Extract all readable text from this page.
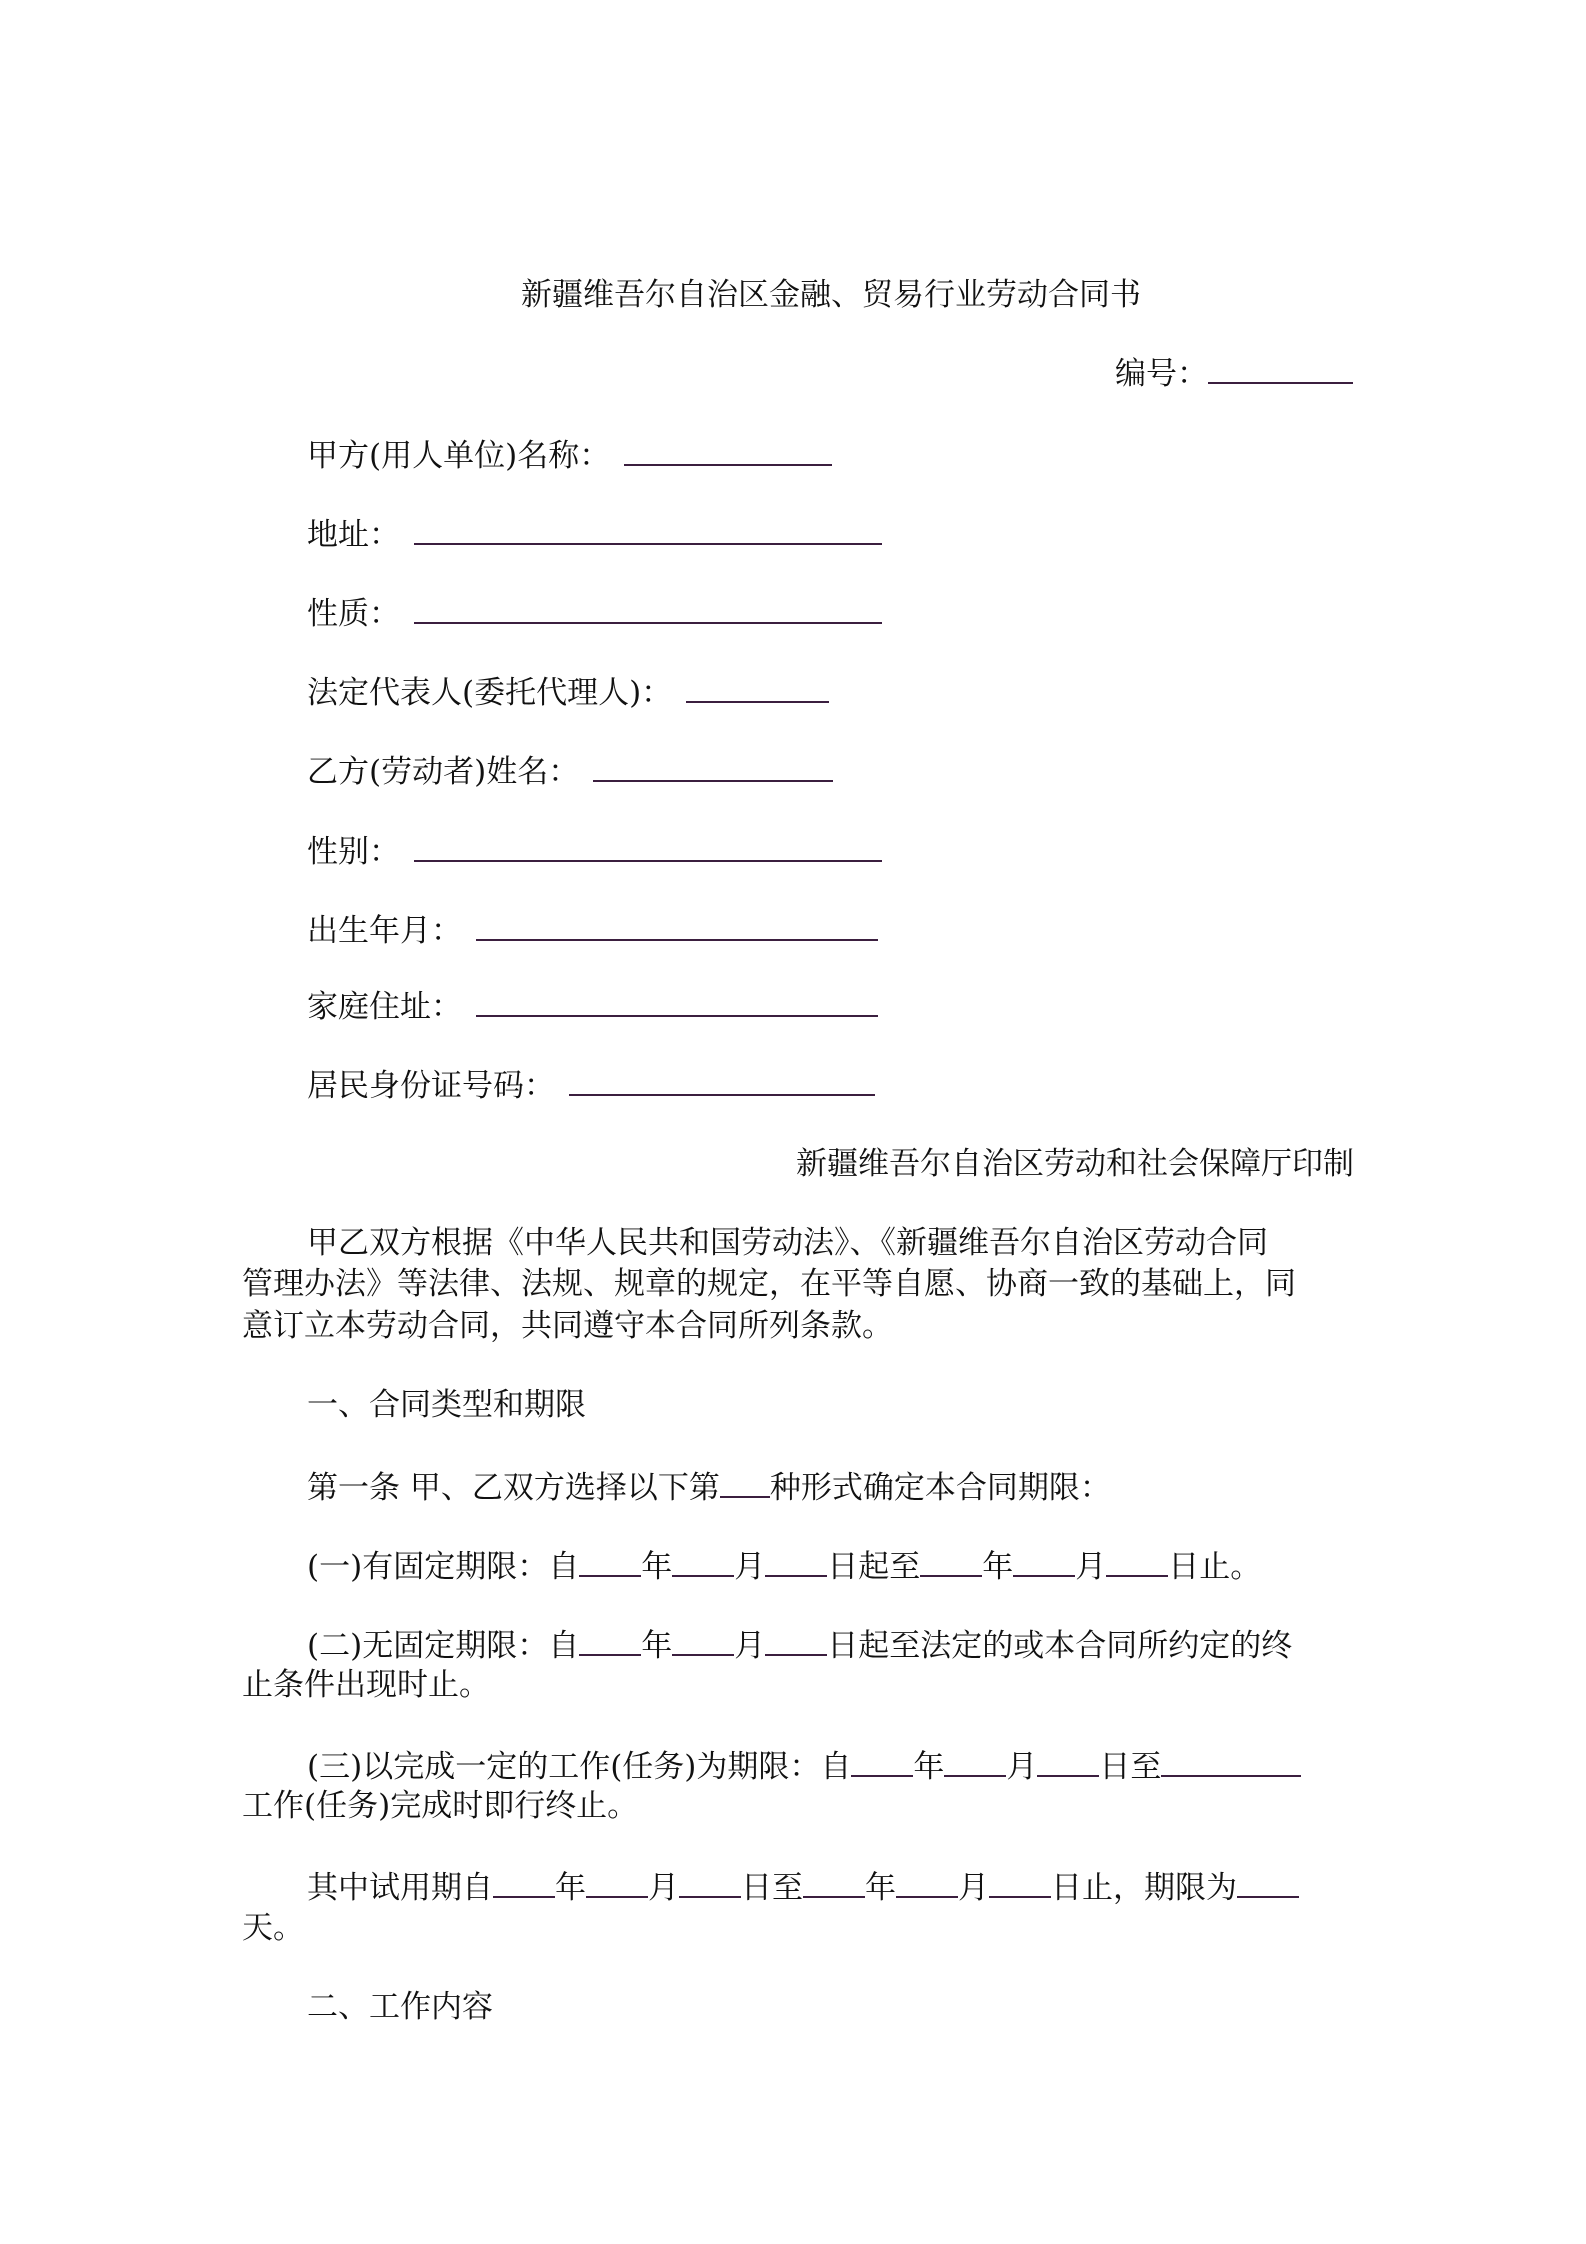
新疆维吾尔自治区金融、贸易行业劳动合同书
编号：
甲方(用人单位)名称：
地址：
性质：
法定代表人(委托代理人)：
乙方(劳动者)姓名：
性别：
出生年月：
家庭住址：
居民身份证号码：
新疆维吾尔自治区劳动和社会保障厅印制
甲乙双方根据《中华人民共和国劳动法》、《新疆维吾尔自治区劳动合同
管理办法》等法律、法规、规章的规定，在平等自愿、协商一致的基础上，同
意订立本劳动合同，共同遵守本合同所列条款。
一、合同类型和期限
第一条 甲、乙双方选择以下第 种形式确定本合同期限：
(一)有固定期限：自 年 月 日起至 年 月 日止。
(二)无固定期限：自 年 月 日起至法定的或本合同所约定的终
止条件出现时止。
(三)以完成一定的工作(任务)为期限：自 年 月 日至
工作(任务)完成时即行终止。
其中试用期自 年 月 日至 年 月 日止，期限为
天。
二、工作内容
